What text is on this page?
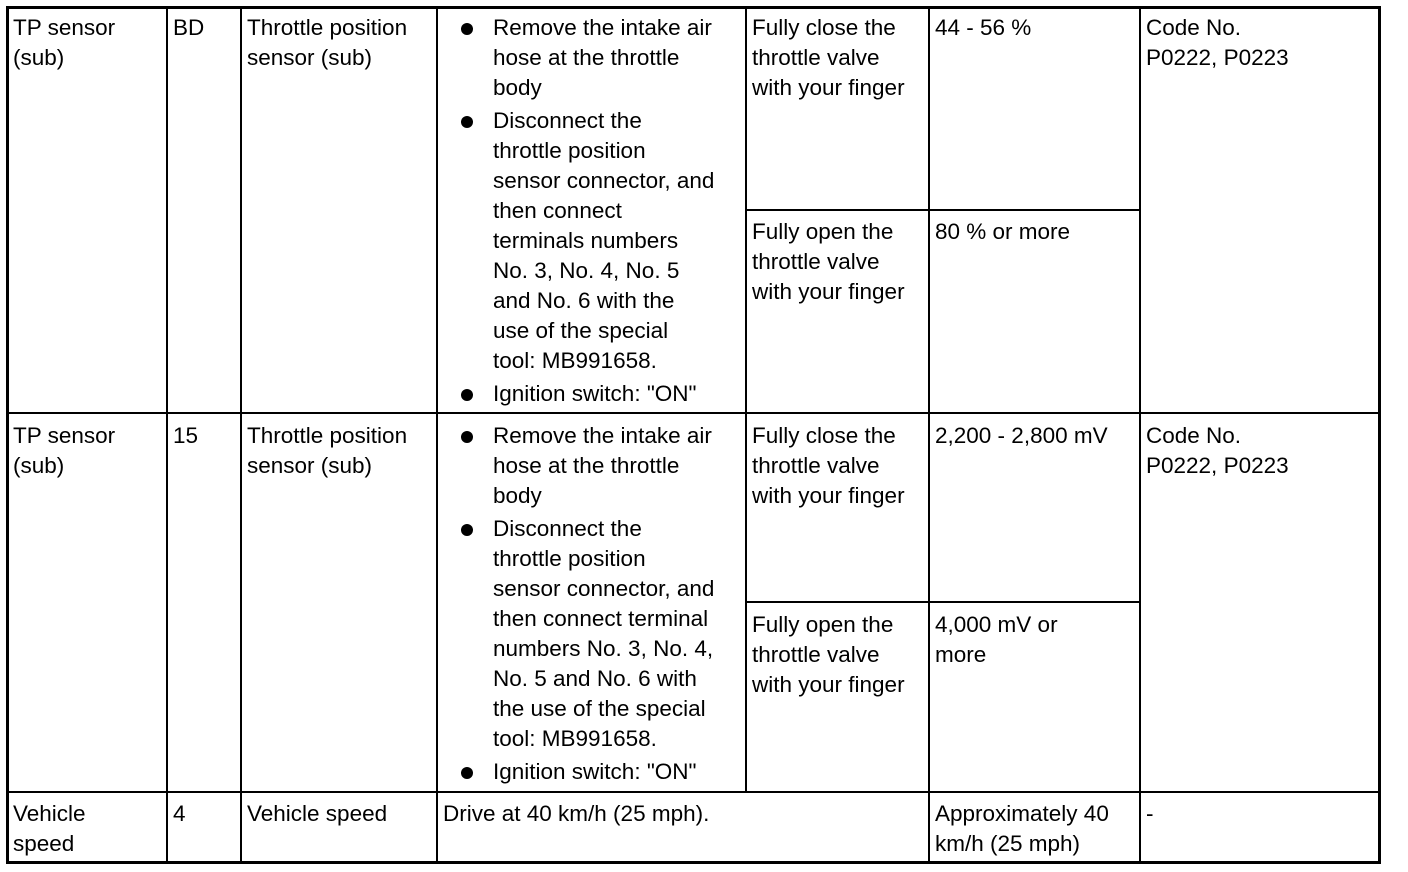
TP sensor
(sub)
BD Throttle position
sensor (sub)
Remove the intake air
hose at the throttle
body
Disconnect the
throttle position
sensor connector, and
then connect
terminals numbers
No. 3, No. 4, No. 5
and No. 6 with the
use of the special
tool: MB991658.
Ignition switch: "ON"
Fully close the
throttle valve
with your finger
44 - 56 %
Fully open the
throttle valve
with your finger
80 % or more
Code No.
P0222, P0223
TP sensor
(sub)
15 Throttle position
sensor (sub)
Remove the intake air
hose at the throttle
body
Disconnect the
throttle position
sensor connector, and
then connect terminal
numbers No. 3, No. 4,
No. 5 and No. 6 with
the use of the special
tool: MB991658.
Ignition switch: "ON"
Fully close the
throttle valve
with your finger
2,200 - 2,800 mV
Fully open the
throttle valve
with your finger
4,000 mV or
more
Code No.
P0222, P0223
Vehicle
speed
4	Vehicle speed Drive at 40 km/h (25 mph).	Approximately 40
km/h (25 mph)
-
